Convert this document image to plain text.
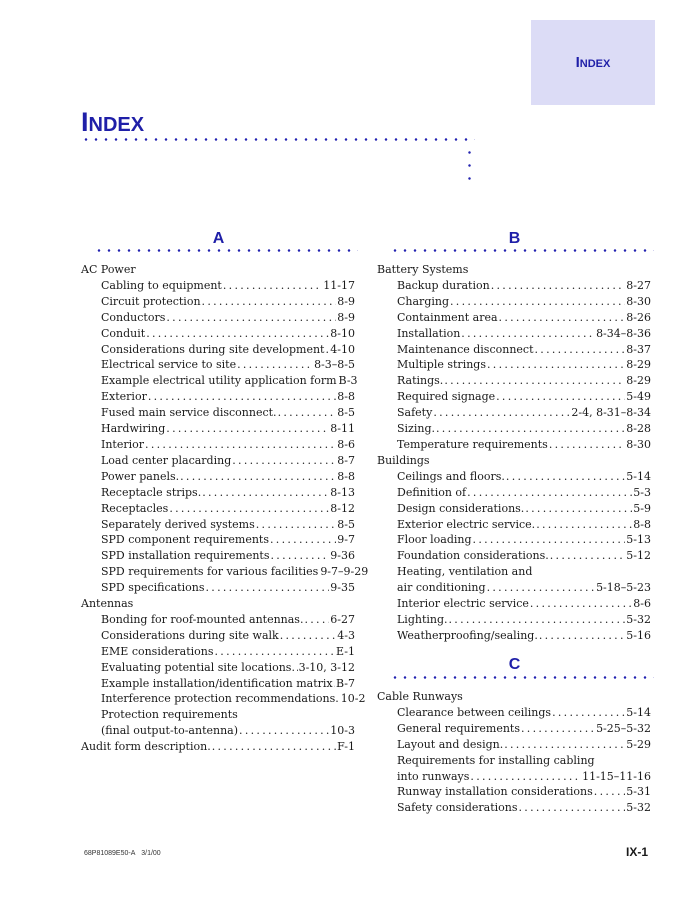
INDEX
INDEX
A	B
AC Power
Cabling to equipment . . .	11-17
Circuit protection . . .	8-9
Conductors . . .	8-9
Conduit . . .	8-10
Considerations during site development . . . 4-10
Electrical service to site . . .	8-3–8-5
Example electrical utility application form B-3
Exterior . . .	8-8
Fused main service disconnect. . . .	8-5
Hardwiring . . .	8-11
Interior . . .	8-6
Load center placarding . . .	8-7
Power panels. . . .	8-8
Receptacle strips. . . .	8-13
Receptacles . . .	8-12
Separately derived systems . . .	8-5
SPD component requirements . . .	9-7
SPD installation requirements . . .	9-36
SPD requirements for various facilities 9-7–9-29
SPD specifications . . .	9-35
Antennas
Bonding for roof-mounted antennas. . . . 6-27
Considerations during site walk . . .	4-3
EME considerations . . .	E-1
Evaluating potential site locations. . . . 3-10, 3-12
Example installation/identification matrix . . . B-7
Interference protection recommendations. 10-2
Protection requirements
(final output-to-antenna) . . .	10-3
Audit form description. . . .	F-1
Battery Systems
Backup duration . . .	8-27
Charging . . .	8-30
Containment area . . .	8-26
Installation . . .	8-34–8-36
Maintenance disconnect . . .	8-37
Multiple strings . . .	8-29
Ratings. . . .	8-29
Required signage . . .	5-49
Safety . . .	2-4, 8-31–8-34
Sizing. . . .	8-28
Temperature requirements . . .	8-30
Buildings
Ceilings and floors. . . .	5-14
Definition of . . .	5-3
Design considerations. . . .	5-9
Exterior electric service. . . .	8-8
Floor loading . . .	5-13
Foundation considerations. . . .	5-12
Heating, ventilation and
air conditioning . . .	5-18–5-23
Interior electric service . . .	8-6
Lighting. . . .	5-32
Weatherproofing/sealing. . . .	5-16
C
Cable Runways
Clearance between ceilings . . .	5-14
General requirements . . .	5-25–5-32
Layout and design. . . .	5-29
Requirements for installing cabling
into runways . . .	11-15–11-16
Runway installation considerations . . .	5-31
Safety considerations . . .	5-32
68P81089E50-A 3/1/00	IX-1
